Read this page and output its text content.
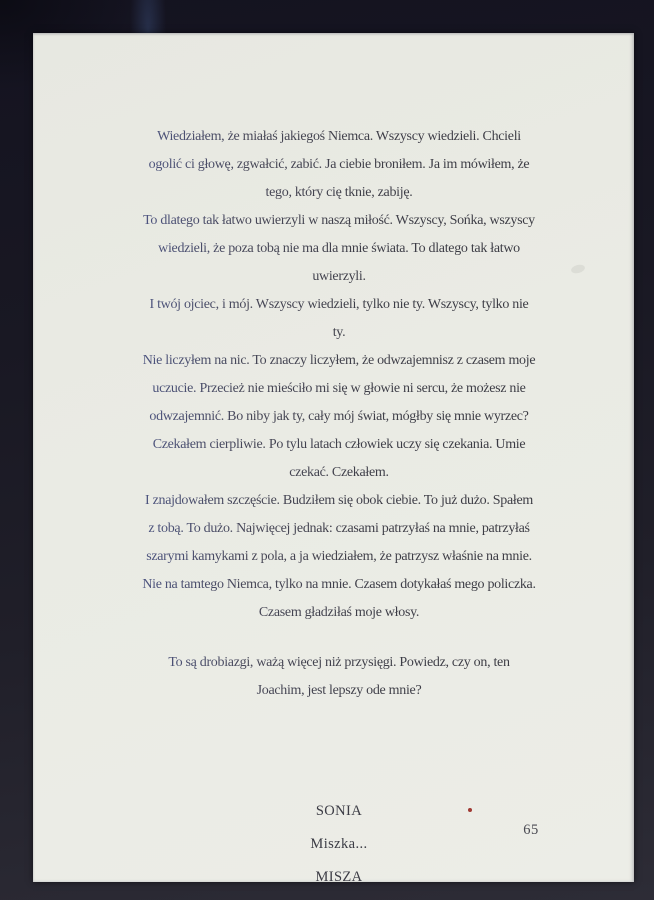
Wiedziałem, że miałaś jakiegoś Niemca. Wszyscy wiedzieli. Chcieli
ogolić ci głowę, zgwałcić, zabić. Ja ciebie broniłem. Ja im mówiłem, że
tego, który cię tknie, zabiję.
To dlatego tak łatwo uwierzyli w naszą miłość. Wszyscy, Sońka, wszyscy
wiedzieli, że poza tobą nie ma dla mnie świata. To dlatego tak łatwo
uwierzyli.
I twój ojciec, i mój. Wszyscy wiedzieli, tylko nie ty. Wszyscy, tylko nie
ty.
Nie liczyłem na nic. To znaczy liczyłem, że odwzajemnisz z czasem moje
uczucie. Przecież nie mieściło mi się w głowie ni sercu, że możesz nie
odwzajemnić. Bo niby jak ty, cały mój świat, mógłby się mnie wyrzec?
Czekałem cierpliwie. Po tylu latach człowiek uczy się czekania. Umie
czekać. Czekałem.
I znajdowałem szczęście. Budziłem się obok ciebie. To już dużo. Spałem
z tobą. To dużo. Najwięcej jednak: czasami patrzyłaś na mnie, patrzyłaś
szarymi kamykami z pola, a ja wiedziałem, że patrzysz właśnie na mnie.
Nie na tamtego Niemca, tylko na mnie. Czasem dotykałaś mego policzka.
Czasem gładziłaś moje włosy.
To są drobiazgi, ważą więcej niż przysięgi. Powiedz, czy on, ten
Joachim, jest lepszy ode mnie?
SONIA
Miszka...
MISZA
65
